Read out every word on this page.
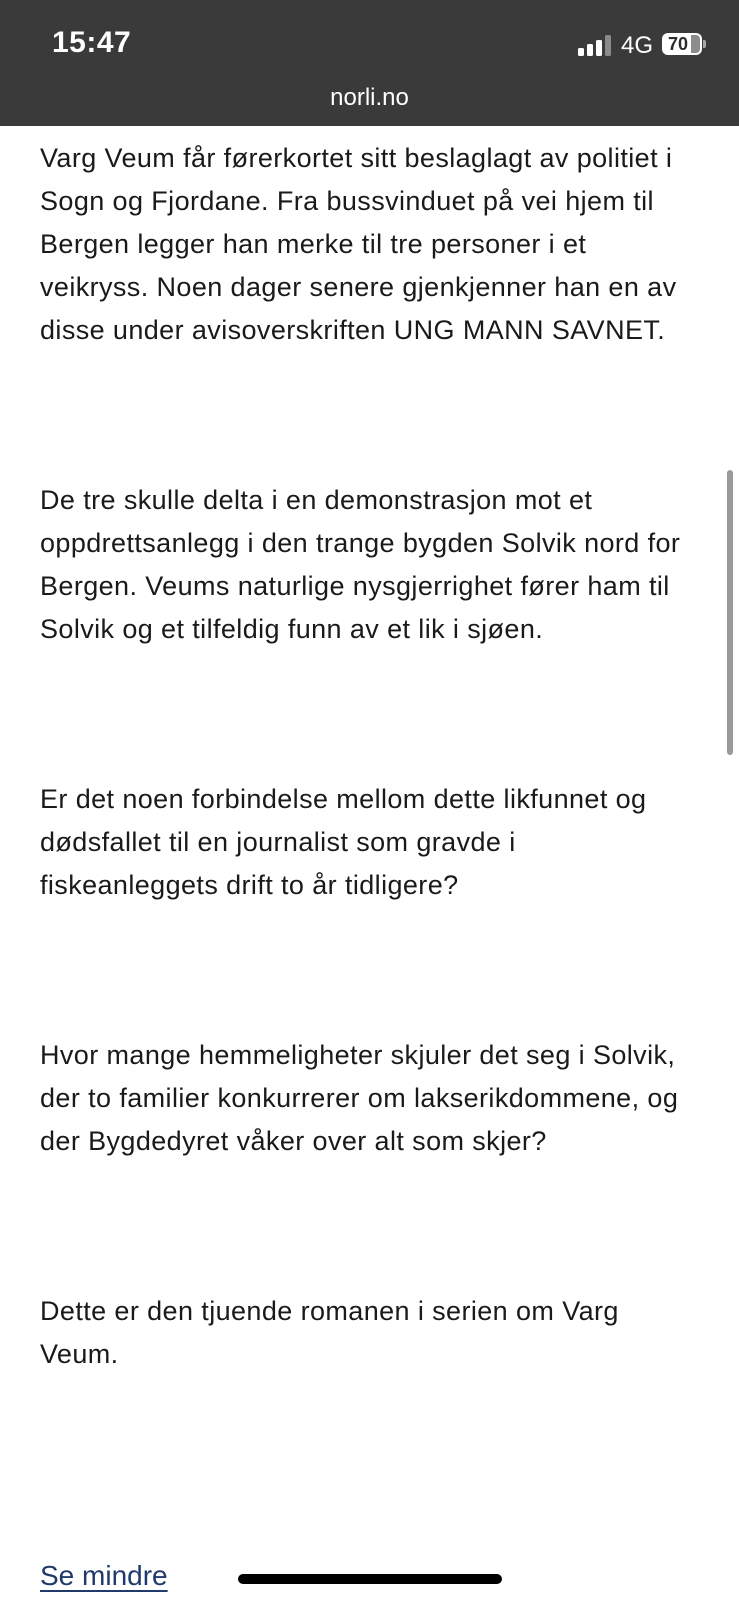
15:47	4G 70
norli.no

Varg Veum får førerkortet sitt beslaglagt av politiet i Sogn og Fjordane. Fra bussvinduet på vei hjem til Bergen legger han merke til tre personer i et veikryss. Noen dager senere gjenkjenner han en av disse under avisoverskriften UNG MANN SAVNET.

De tre skulle delta i en demonstrasjon mot et oppdrettsanlegg i den trange bygden Solvik nord for Bergen. Veums naturlige nysgjerrighet fører ham til Solvik og et tilfeldig funn av et lik i sjøen.

Er det noen forbindelse mellom dette likfunnet og dødsfallet til en journalist som gravde i fiskeanleggets drift to år tidligere?

Hvor mange hemmeligheter skjuler det seg i Solvik, der to familier konkurrerer om lakserikdommene, og der Bygdedyret våker over alt som skjer?

Dette er den tjuende romanen i serien om Varg Veum.

Se mindre
